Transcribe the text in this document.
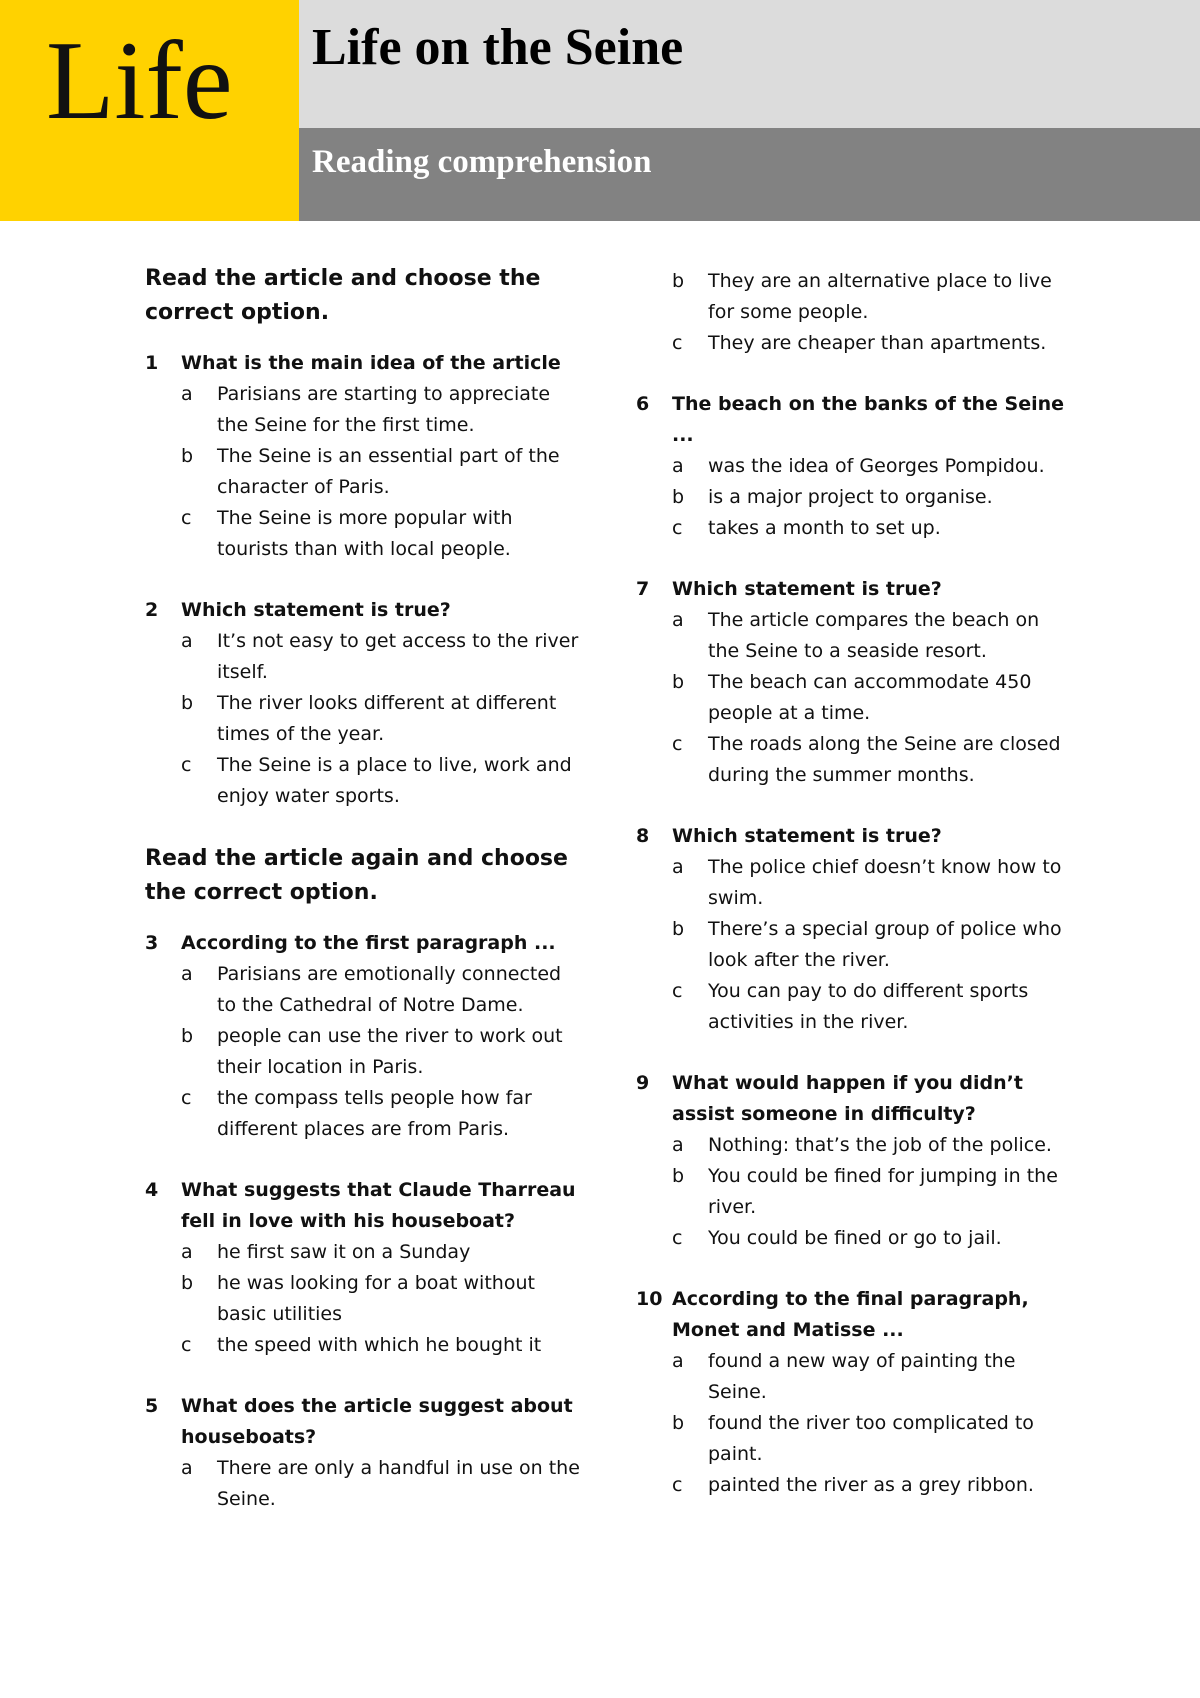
Life Life on the Seine
Reading comprehension
Read the article and choose the correct option.
1	What is the main idea of the article
a	Parisians are starting to appreciate the Seine for the first time.
b	The Seine is an essential part of the character of Paris.
c	The Seine is more popular with tourists than with local people.
2	Which statement is true?
a	It’s not easy to get access to the river itself.
b	The river looks different at different times of the year.
c	The Seine is a place to live, work and enjoy water sports.
Read the article again and choose the correct option.
3	According to the first paragraph ...
a	Parisians are emotionally connected to the Cathedral of Notre Dame.
b	people can use the river to work out their location in Paris.
c	the compass tells people how far different places are from Paris.
4	What suggests that Claude Tharreau fell in love with his houseboat?
a	he first saw it on a Sunday
b	he was looking for a boat without basic utilities
c	the speed with which he bought it
5	What does the article suggest about houseboats?
a	There are only a handful in use on the Seine.
b	They are an alternative place to live for some people.
c	They are cheaper than apartments.
6	The beach on the banks of the Seine ...
a	was the idea of Georges Pompidou.
b	is a major project to organise.
c	takes a month to set up.
7	Which statement is true?
a	The article compares the beach on the Seine to a seaside resort.
b	The beach can accommodate 450 people at a time.
c	The roads along the Seine are closed during the summer months.
8	Which statement is true?
a	The police chief doesn’t know how to swim.
b	There’s a special group of police who look after the river.
c	You can pay to do different sports activities in the river.
9	What would happen if you didn’t assist someone in difficulty?
a	Nothing: that’s the job of the police.
b	You could be fined for jumping in the river.
c	You could be fined or go to jail.
10 According to the final paragraph, Monet and Matisse ...
a	found a new way of painting the Seine.
b	found the river too complicated to paint.
c	painted the river as a grey ribbon.
